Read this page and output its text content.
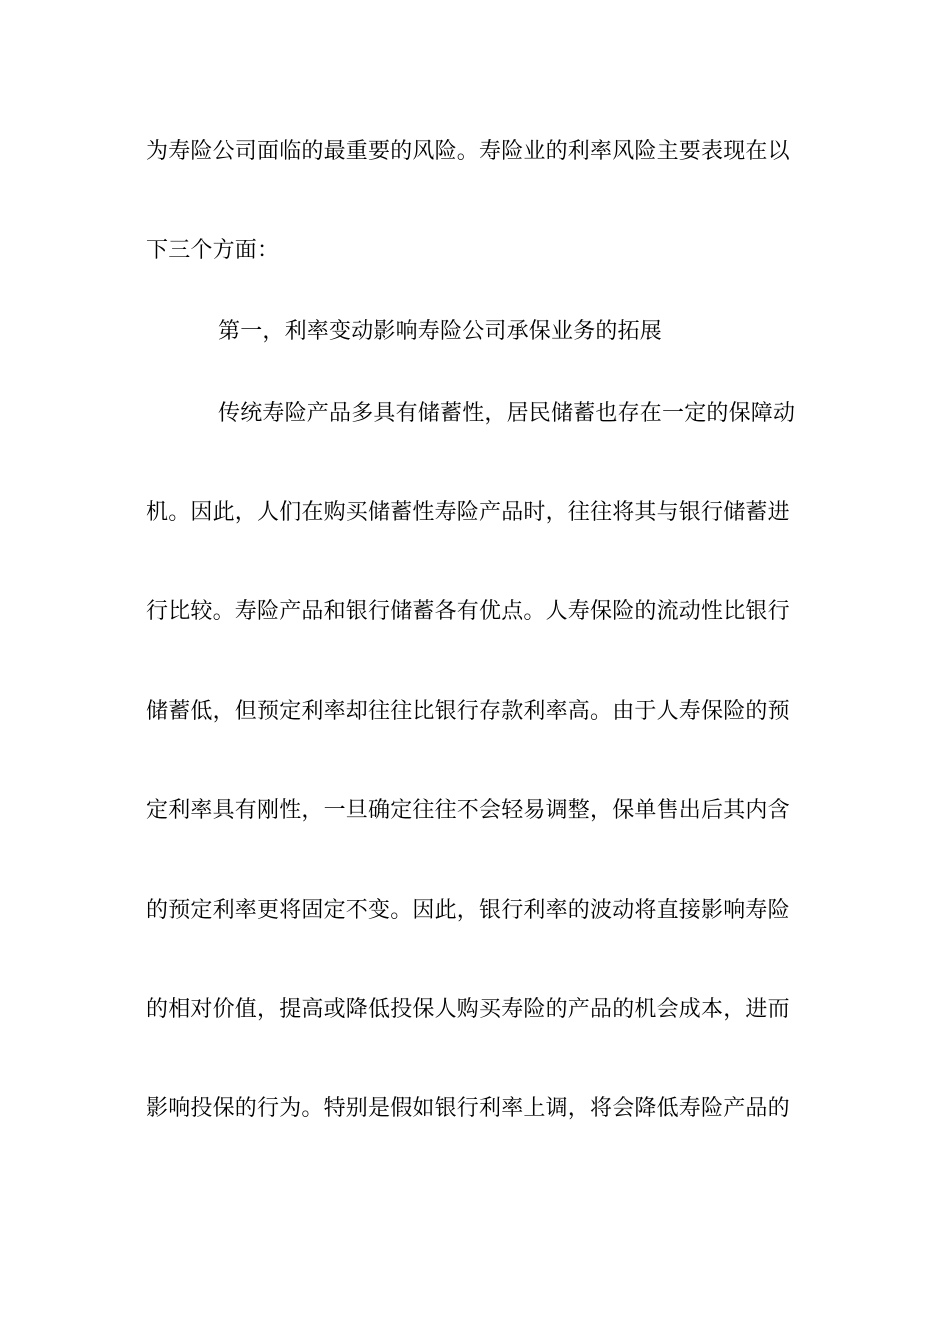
为寿险公司面临的最重要的风险。寿险业的利率风险主要表现在以
下三个方面：
第一，利率变动影响寿险公司承保业务的拓展
传统寿险产品多具有储蓄性，居民储蓄也存在一定的保障动
机。因此，人们在购买储蓄性寿险产品时，往往将其与银行储蓄进
行比较。寿险产品和银行储蓄各有优点。人寿保险的流动性比银行
储蓄低，但预定利率却往往比银行存款利率高。由于人寿保险的预
定利率具有刚性，一旦确定往往不会轻易调整，保单售出后其内含
的预定利率更将固定不变。因此，银行利率的波动将直接影响寿险
的相对价值，提高或降低投保人购买寿险的产品的机会成本，进而
影响投保的行为。特别是假如银行利率上调，将会降低寿险产品的
